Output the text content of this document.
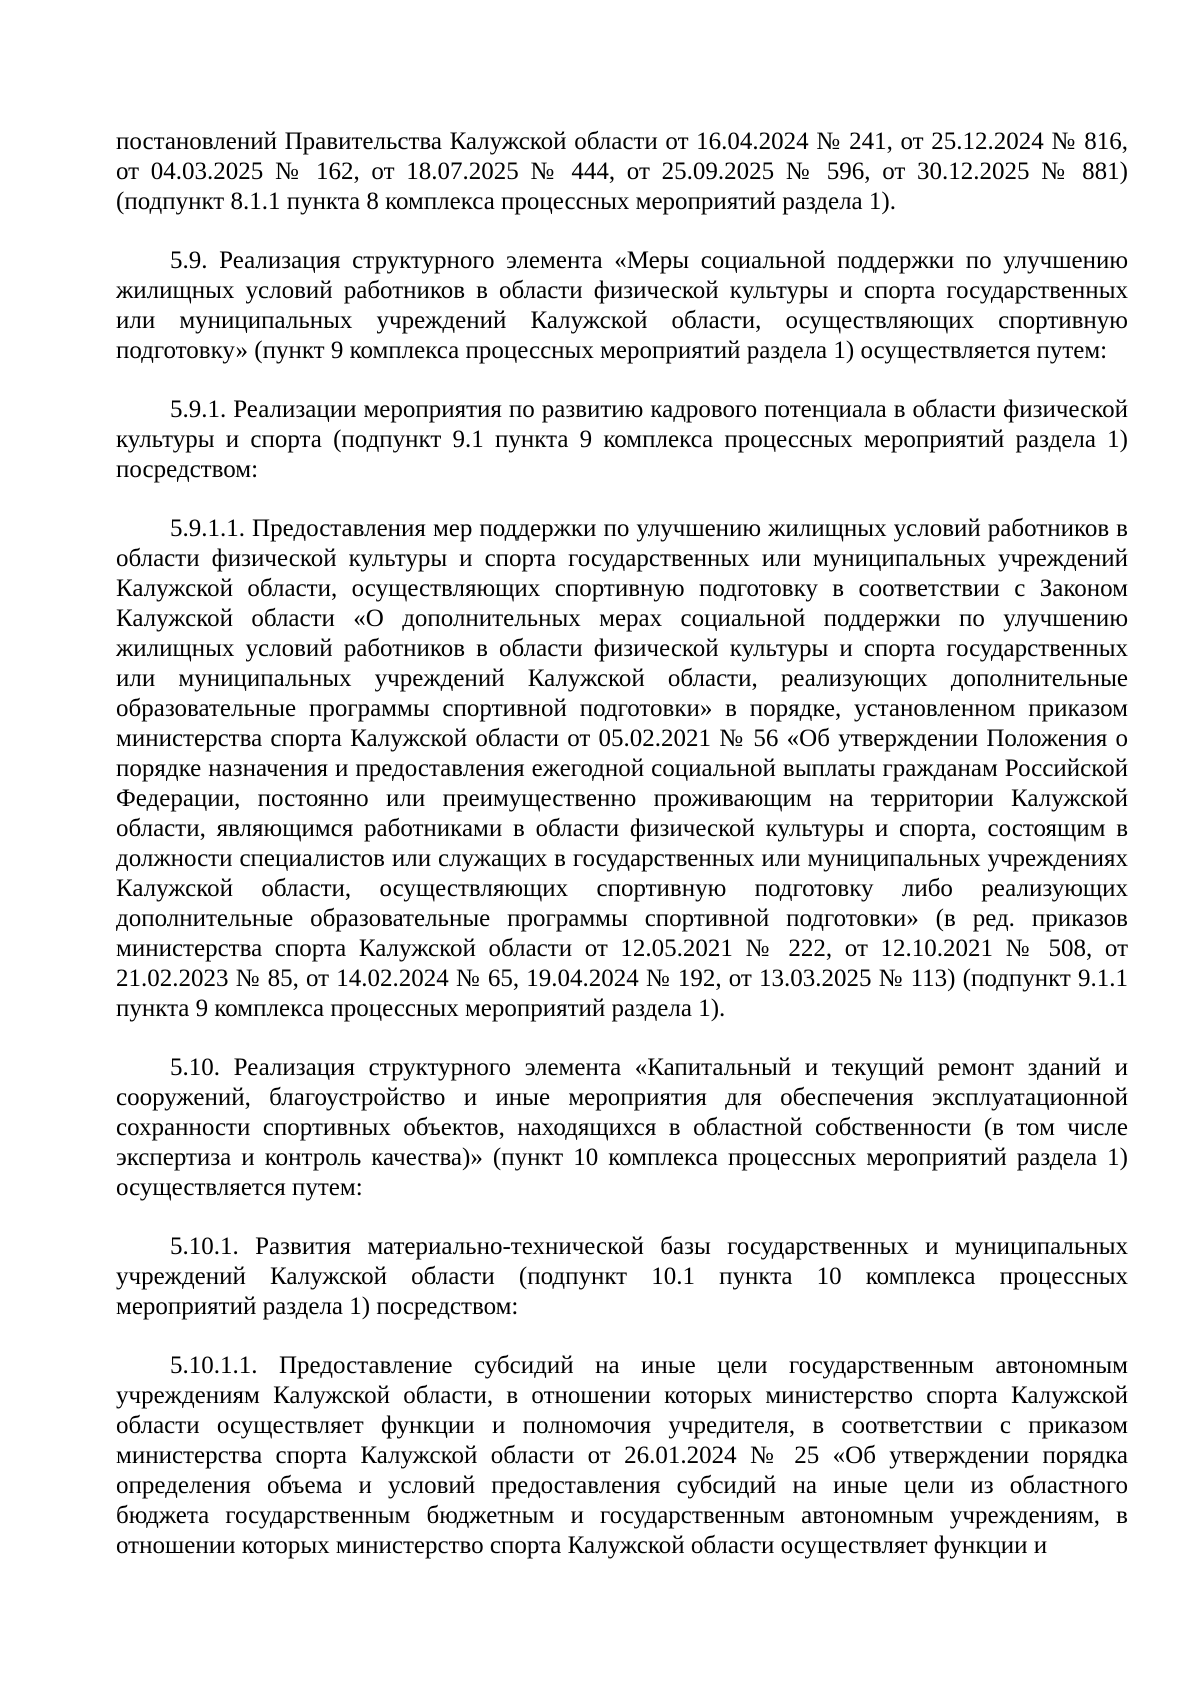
постановлений Правительства Калужской области от 16.04.2024 № 241, от 25.12.2024 № 816, от 04.03.2025 № 162, от 18.07.2025 № 444, от 25.09.2025 № 596, от 30.12.2025 № 881) (подпункт 8.1.1 пункта 8 комплекса процессных мероприятий раздела 1).

5.9. Реализация структурного элемента «Меры социальной поддержки по улучшению жилищных условий работников в области физической культуры и спорта государственных или муниципальных учреждений Калужской области, осуществляющих спортивную подготовку» (пункт 9 комплекса процессных мероприятий раздела 1) осуществляется путем:

5.9.1. Реализации мероприятия по развитию кадрового потенциала в области физической культуры и спорта (подпункт 9.1 пункта 9 комплекса процессных мероприятий раздела 1) посредством:

5.9.1.1. Предоставления мер поддержки по улучшению жилищных условий работников в области физической культуры и спорта государственных или муниципальных учреждений Калужской области, осуществляющих спортивную подготовку в соответствии с Законом Калужской области «О дополнительных мерах социальной поддержки по улучшению жилищных условий работников в области физической культуры и спорта государственных или муниципальных учреждений Калужской области, реализующих дополнительные образовательные программы спортивной подготовки» в порядке, установленном приказом министерства спорта Калужской области от 05.02.2021 № 56 «Об утверждении Положения о порядке назначения и предоставления ежегодной социальной выплаты гражданам Российской Федерации, постоянно или преимущественно проживающим на территории Калужской области, являющимся работниками в области физической культуры и спорта, состоящим в должности специалистов или служащих в государственных или муниципальных учреждениях Калужской области, осуществляющих спортивную подготовку либо реализующих дополнительные образовательные программы спортивной подготовки» (в ред. приказов министерства спорта Калужской области от 12.05.2021 № 222, от 12.10.2021 № 508, от 21.02.2023 № 85, от 14.02.2024 № 65, 19.04.2024 № 192, от 13.03.2025 № 113) (подпункт 9.1.1 пункта 9 комплекса процессных мероприятий раздела 1).

5.10. Реализация структурного элемента «Капитальный и текущий ремонт зданий и сооружений, благоустройство и иные мероприятия для обеспечения эксплуатационной сохранности спортивных объектов, находящихся в областной собственности (в том числе экспертиза и контроль качества)» (пункт 10 комплекса процессных мероприятий раздела 1) осуществляется путем:

5.10.1. Развития материально-технической базы государственных и муниципальных учреждений Калужской области (подпункт 10.1 пункта 10 комплекса процессных мероприятий раздела 1) посредством:

5.10.1.1. Предоставление субсидий на иные цели государственным автономным учреждениям Калужской области, в отношении которых министерство спорта Калужской области осуществляет функции и полномочия учредителя, в соответствии с приказом министерства спорта Калужской области от 26.01.2024 № 25 «Об утверждении порядка определения объема и условий предоставления субсидий на иные цели из областного бюджета государственным бюджетным и государственным автономным учреждениям, в отношении которых министерство спорта Калужской области осуществляет функции и
